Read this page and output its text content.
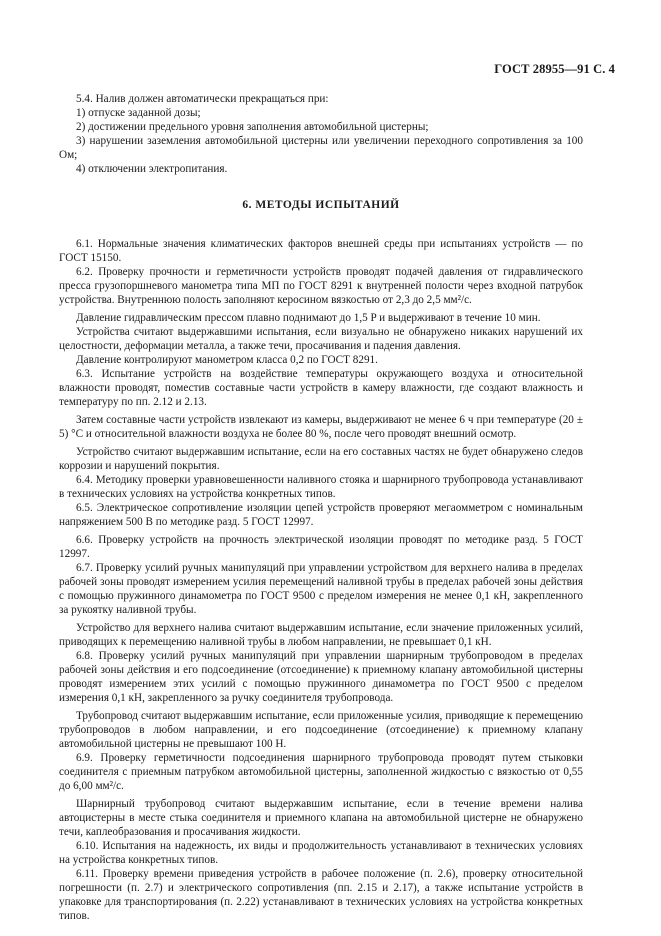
ГОСТ 28955—91 С. 4

5.4. Налив должен автоматически прекращаться при:

1) отпуске заданной дозы;

2) достижении предельного уровня заполнения автомобильной цистерны;

3) нарушении заземления автомобильной цистерны или увеличении переходного сопротивления за 100 Ом;

4) отключении электропитания.

6. МЕТОДЫ ИСПЫТАНИЙ

6.1. Нормальные значения климатических факторов внешней среды при испытаниях устройств — по ГОСТ 15150.

6.2. Проверку прочности и герметичности устройств проводят подачей давления от гидравлического пресса грузопоршневого манометра типа МП по ГОСТ 8291 к внутренней полости через входной патрубок устройства. Внутреннюю полость заполняют керосином вязкостью от 2,3 до 2,5 мм²/с.

Давление гидравлическим прессом плавно поднимают до 1,5 P и выдерживают в течение 10 мин.

Устройства считают выдержавшими испытания, если визуально не обнаружено никаких нарушений их целостности, деформации металла, а также течи, просачивания и падения давления.

Давление контролируют манометром класса 0,2 по ГОСТ 8291.

6.3. Испытание устройств на воздействие температуры окружающего воздуха и относительной влажности проводят, поместив составные части устройств в камеру влажности, где создают влажность и температуру по пп. 2.12 и 2.13.

Затем составные части устройств извлекают из камеры, выдерживают не менее 6 ч при температуре (20 ± 5) °С и относительной влажности воздуха не более 80 %, после чего проводят внешний осмотр.

Устройство считают выдержавшим испытание, если на его составных частях не будет обнаружено следов коррозии и нарушений покрытия.

6.4. Методику проверки уравновешенности наливного стояка и шарнирного трубопровода устанавливают в технических условиях на устройства конкретных типов.

6.5. Электрическое сопротивление изоляции цепей устройств проверяют мегаомметром с номинальным напряжением 500 В по методике разд. 5 ГОСТ 12997.

6.6. Проверку устройств на прочность электрической изоляции проводят по методике разд. 5 ГОСТ 12997.

6.7. Проверку усилий ручных манипуляций при управлении устройством для верхнего налива в пределах рабочей зоны проводят измерением усилия перемещений наливной трубы в пределах рабочей зоны действия с помощью пружинного динамометра по ГОСТ 9500 с пределом измерения не менее 0,1 кН, закрепленного за рукоятку наливной трубы.

Устройство для верхнего налива считают выдержавшим испытание, если значение приложенных усилий, приводящих к перемещению наливной трубы в любом направлении, не превышает 0,1 кН.

6.8. Проверку усилий ручных манипуляций при управлении шарнирным трубопроводом в пределах рабочей зоны действия и его подсоединение (отсоединение) к приемному клапану автомобильной цистерны проводят измерением этих усилий с помощью пружинного динамометра по ГОСТ 9500 с пределом измерения 0,1 кН, закрепленного за ручку соединителя трубопровода.

Трубопровод считают выдержавшим испытание, если приложенные усилия, приводящие к перемещению трубопроводов в любом направлении, и его подсоединение (отсоединение) к приемному клапану автомобильной цистерны не превышают 100 Н.

6.9. Проверку герметичности подсоединения шарнирного трубопровода проводят путем стыковки соединителя с приемным патрубком автомобильной цистерны, заполненной жидкостью с вязкостью от 0,55 до 6,00 мм²/с.

Шарнирный трубопровод считают выдержавшим испытание, если в течение времени налива автоцистерны в месте стыка соединителя и приемного клапана на автомобильной цистерне не обнаружено течи, каплеобразования и просачивания жидкости.

6.10. Испытания на надежность, их виды и продолжительность устанавливают в технических условиях на устройства конкретных типов.

6.11. Проверку времени приведения устройств в рабочее положение (п. 2.6), проверку относительной погрешности (п. 2.7) и электрического сопротивления (пп. 2.15 и 2.17), а также испытание устройств в упаковке для транспортирования (п. 2.22) устанавливают в технических условиях на устройства конкретных типов.
